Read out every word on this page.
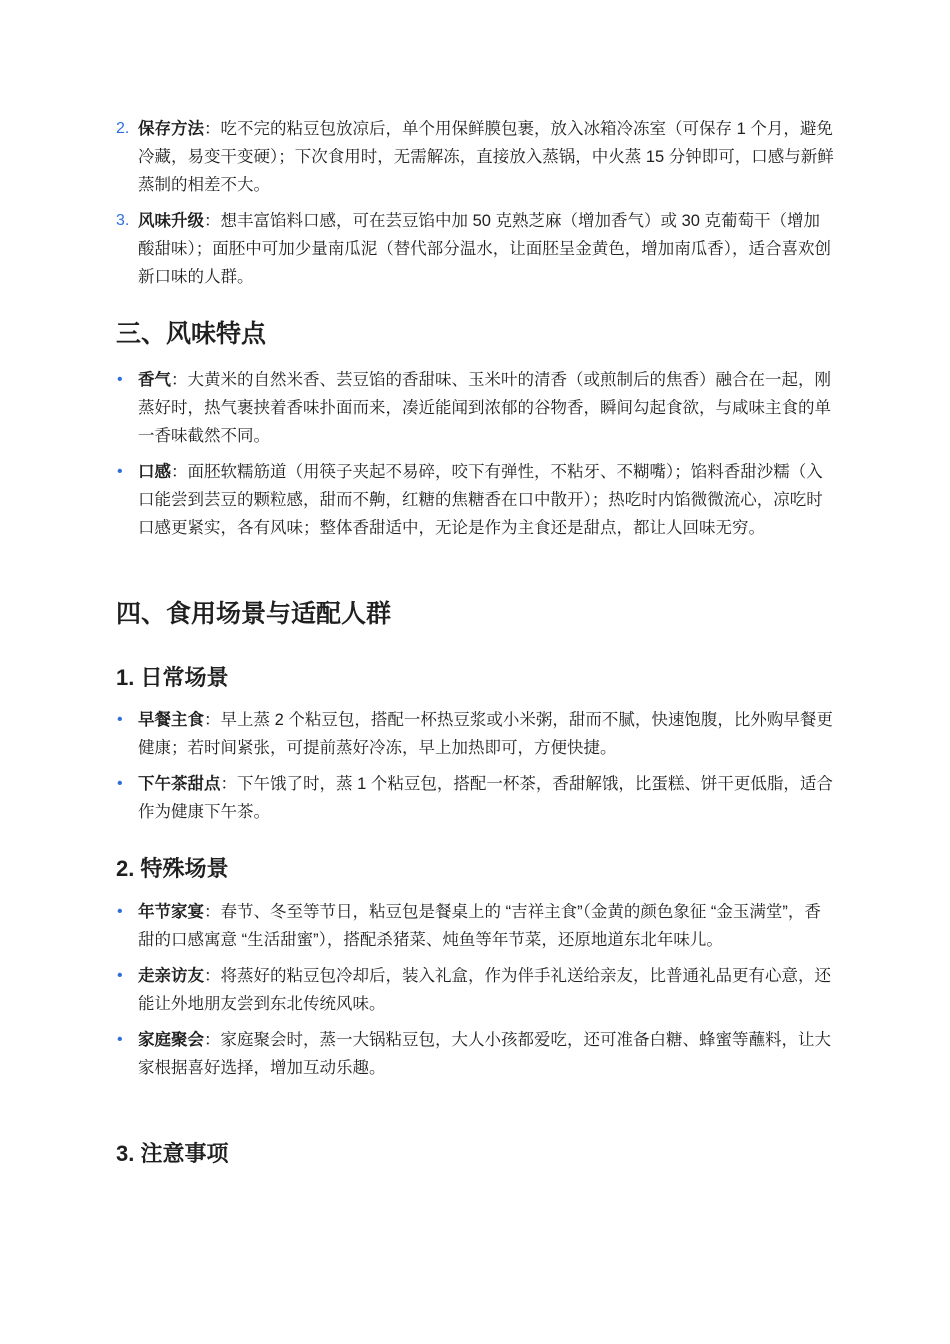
2. 保存方法：吃不完的粘豆包放凉后，单个用保鲜膜包裹，放入冰箱冷冻室（可保存 1 个月，避免冷藏，易变干变硬）；下次食用时，无需解冻，直接放入蒸锅，中火蒸 15 分钟即可，口感与新鲜蒸制的相差不大。
3. 风味升级：想丰富馅料口感，可在芸豆馅中加 50 克熟芝麻（增加香气）或 30 克葡萄干（增加酸甜味）；面胚中可加少量南瓜泥（替代部分温水，让面胚呈金黄色，增加南瓜香），适合喜欢创新口味的人群。
三、风味特点
• 香气：大黄米的自然米香、芸豆馅的香甜味、玉米叶的清香（或煎制后的焦香）融合在一起，刚蒸好时，热气裹挟着香味扑面而来，凑近能闻到浓郁的谷物香，瞬间勾起食欲，与咸味主食的单一香味截然不同。
• 口感：面胚软糯筋道（用筷子夹起不易碎，咬下有弹性，不粘牙、不糊嘴）；馅料香甜沙糯（入口能尝到芸豆的颗粒感，甜而不齁，红糖的焦糖香在口中散开）；热吃时内馅微微流心，凉吃时口感更紧实，各有风味；整体香甜适中，无论是作为主食还是甜点，都让人回味无穷。
四、食用场景与适配人群
1. 日常场景
• 早餐主食：早上蒸 2 个粘豆包，搭配一杯热豆浆或小米粥，甜而不腻，快速饱腹，比外购早餐更健康；若时间紧张，可提前蒸好冷冻，早上加热即可，方便快捷。
• 下午茶甜点：下午饿了时，蒸 1 个粘豆包，搭配一杯茶，香甜解饿，比蛋糕、饼干更低脂，适合作为健康下午茶。
2. 特殊场景
• 年节家宴：春节、冬至等节日，粘豆包是餐桌上的 “吉祥主食”（金黄的颜色象征 “金玉满堂”，香甜的口感寓意 “生活甜蜜”），搭配杀猪菜、炖鱼等年节菜，还原地道东北年味儿。
• 走亲访友：将蒸好的粘豆包冷却后，装入礼盒，作为伴手礼送给亲友，比普通礼品更有心意，还能让外地朋友尝到东北传统风味。
• 家庭聚会：家庭聚会时，蒸一大锅粘豆包，大人小孩都爱吃，还可准备白糖、蜂蜜等蘸料，让大家根据喜好选择，增加互动乐趣。
3. 注意事项
